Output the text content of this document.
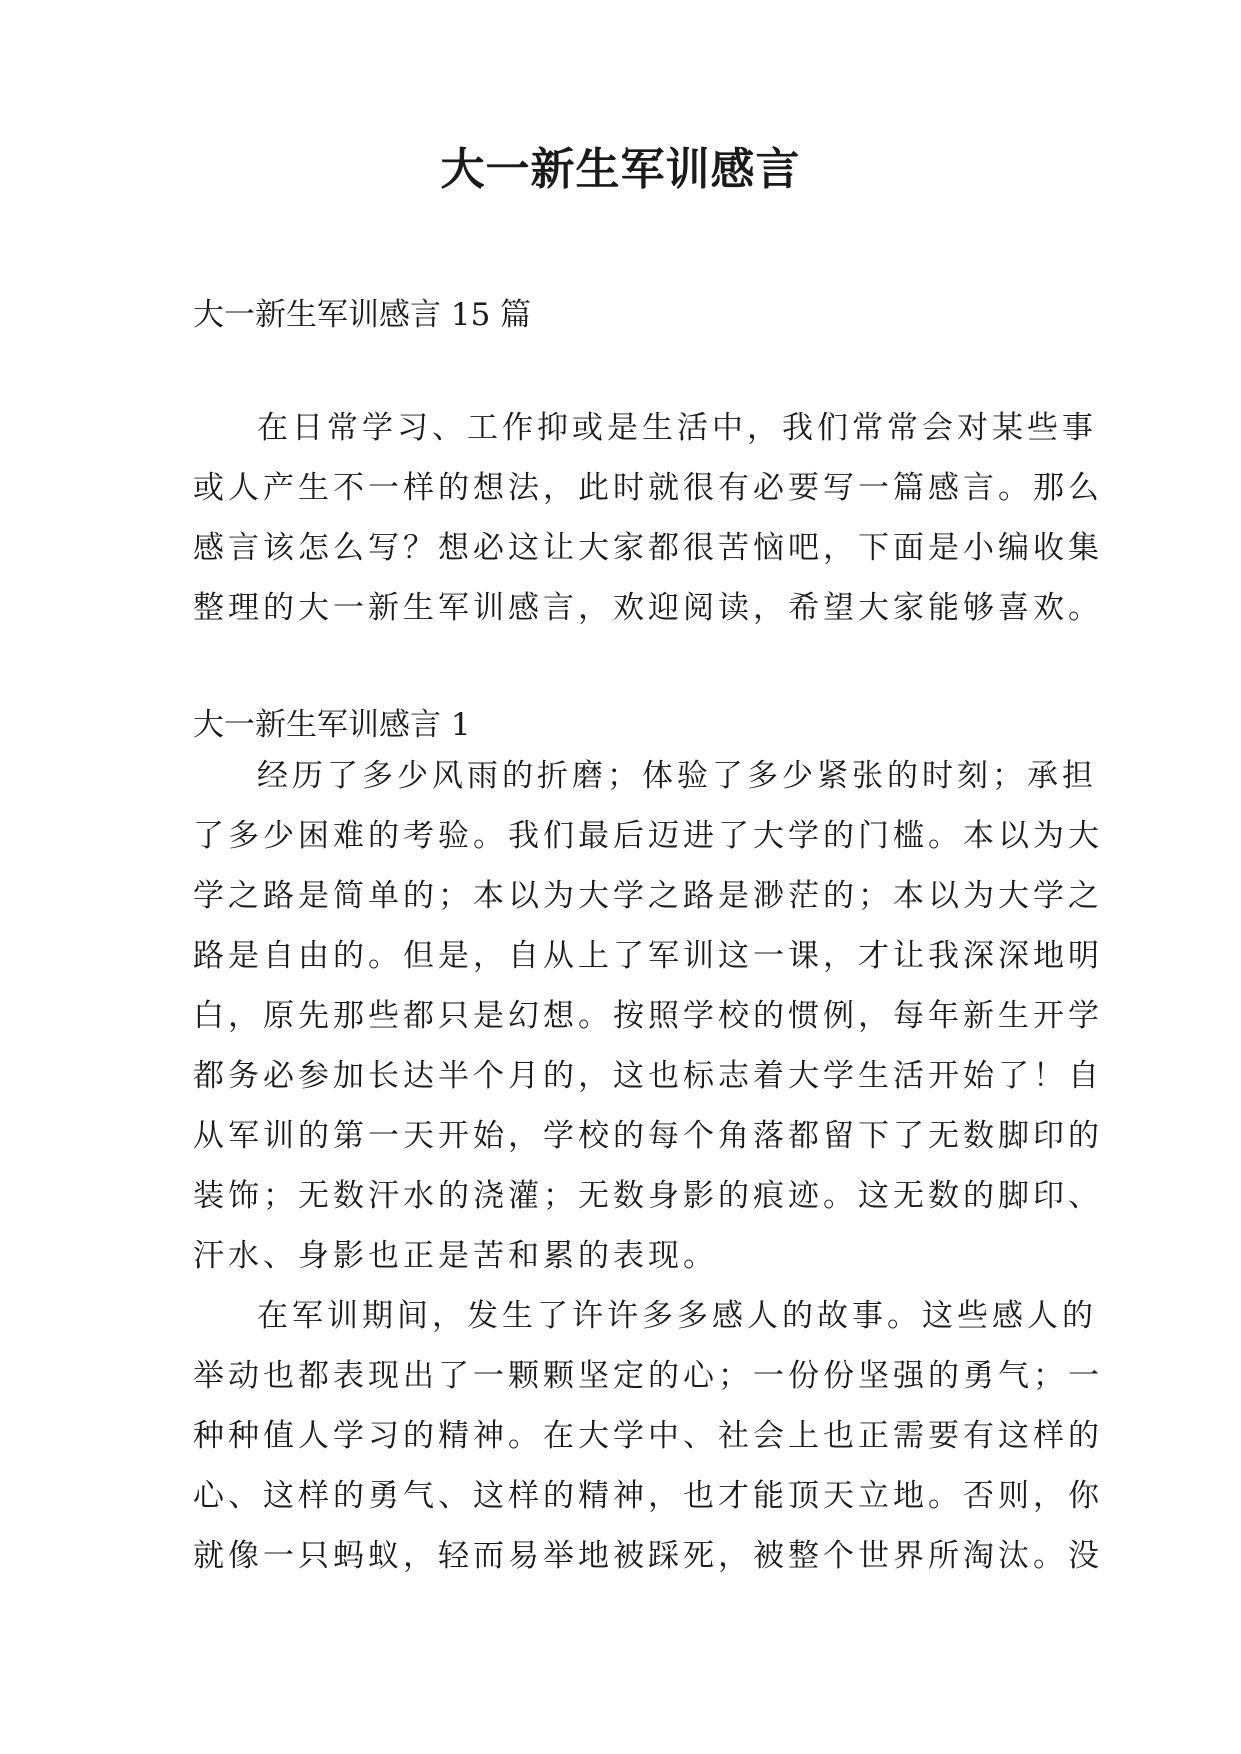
大一新生军训感言
大一新生军训感言 15 篇
在日常学习、工作抑或是生活中，我们常常会对某些事
或人产生不一样的想法，此时就很有必要写一篇感言。那么
感言该怎么写？想必这让大家都很苦恼吧，下面是小编收集
整理的大一新生军训感言，欢迎阅读，希望大家能够喜欢。
大一新生军训感言 1
经历了多少风雨的折磨；体验了多少紧张的时刻；承担
了多少困难的考验。我们最后迈进了大学的门槛。本以为大
学之路是简单的；本以为大学之路是渺茫的；本以为大学之
路是自由的。但是，自从上了军训这一课，才让我深深地明
白，原先那些都只是幻想。按照学校的惯例，每年新生开学
都务必参加长达半个月的，这也标志着大学生活开始了！自
从军训的第一天开始，学校的每个角落都留下了无数脚印的
装饰；无数汗水的浇灌；无数身影的痕迹。这无数的脚印、
汗水、身影也正是苦和累的表现。
在军训期间，发生了许许多多感人的故事。这些感人的
举动也都表现出了一颗颗坚定的心；一份份坚强的勇气；一
种种值人学习的精神。在大学中、社会上也正需要有这样的
心、这样的勇气、这样的精神，也才能顶天立地。否则，你
就像一只蚂蚁，轻而易举地被踩死，被整个世界所淘汰。没
